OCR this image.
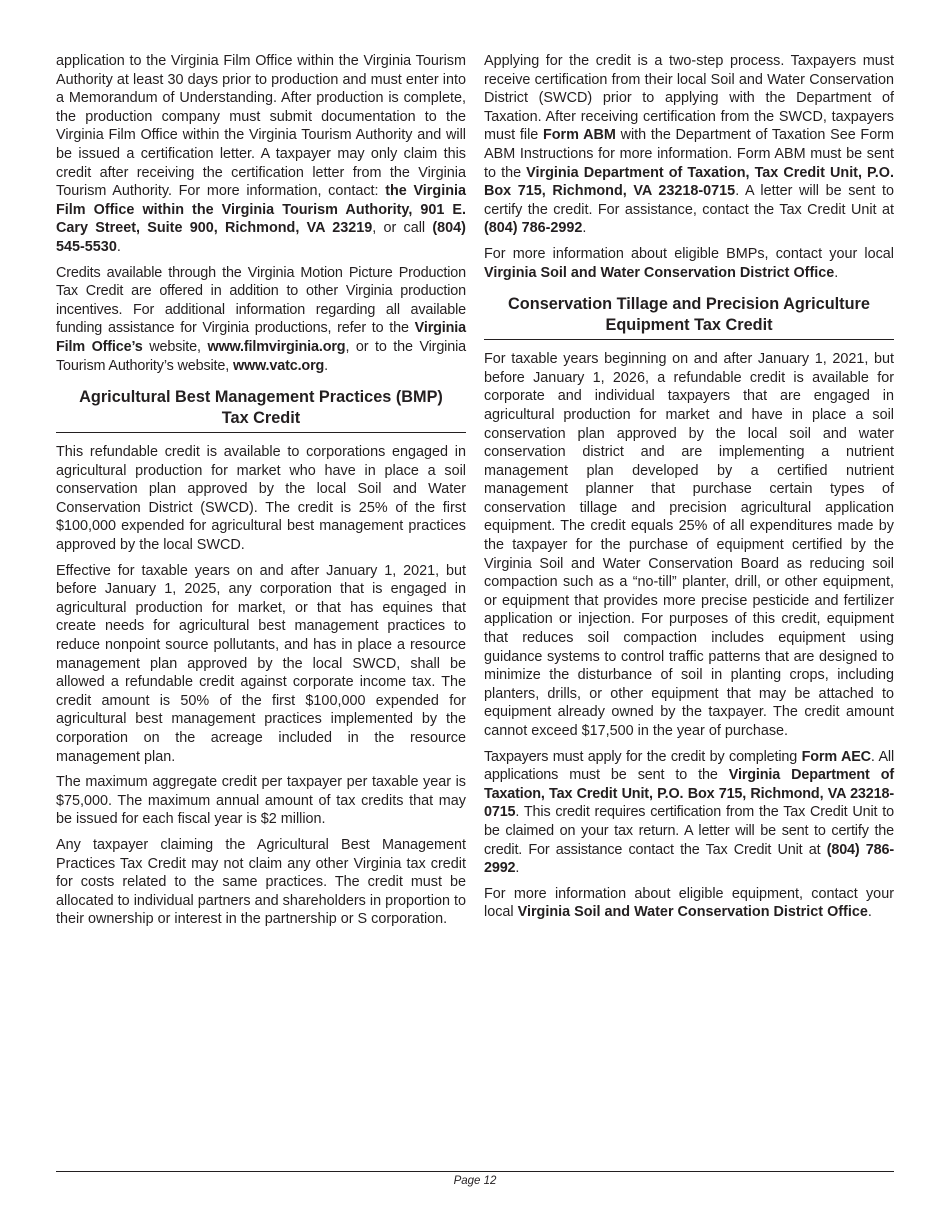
application to the Virginia Film Office within the Virginia Tourism Authority at least 30 days prior to production and must enter into a Memorandum of Understanding. After production is complete, the production company must submit documentation to the Virginia Film Office within the Virginia Tourism Authority and will be issued a certification letter. A taxpayer may only claim this credit after receiving the certification letter from the Virginia Tourism Authority. For more information, contact: the Virginia Film Office within the Virginia Tourism Authority, 901 E. Cary Street, Suite 900, Richmond, VA 23219, or call (804) 545-5530.

Credits available through the Virginia Motion Picture Production Tax Credit are offered in addition to other Virginia production incentives. For additional information regarding all available funding assistance for Virginia productions, refer to the Virginia Film Office’s website, www.filmvirginia.org, or to the Virginia Tourism Authority’s website, www.vatc.org.

Agricultural Best Management Practices (BMP)
Tax Credit

This refundable credit is available to corporations engaged in agricultural production for market who have in place a soil conservation plan approved by the local Soil and Water Conservation District (SWCD). The credit is 25% of the first $100,000 expended for agricultural best management practices approved by the local SWCD.

Effective for taxable years on and after January 1, 2021, but before January 1, 2025, any corporation that is engaged in agricultural production for market, or that has equines that create needs for agricultural best management practices to reduce nonpoint source pollutants, and has in place a resource management plan approved by the local SWCD, shall be allowed a refundable credit against corporate income tax. The credit amount is 50% of the first $100,000 expended for agricultural best management practices implemented by the corporation on the acreage included in the resource management plan.

The maximum aggregate credit per taxpayer per taxable year is $75,000. The maximum annual amount of tax credits that may be issued for each fiscal year is $2 million.

Any taxpayer claiming the Agricultural Best Management Practices Tax Credit may not claim any other Virginia tax credit for costs related to the same practices. The credit must be allocated to individual partners and shareholders in proportion to their ownership or interest in the partnership or S corporation.

Applying for the credit is a two-step process. Taxpayers must receive certification from their local Soil and Water Conservation District (SWCD) prior to applying with the Department of Taxation. After receiving certification from the SWCD, taxpayers must file Form ABM with the Department of Taxation See Form ABM Instructions for more information. Form ABM must be sent to the Virginia Department of Taxation, Tax Credit Unit, P.O. Box 715, Richmond, VA 23218-0715. A letter will be sent to certify the credit. For assistance, contact the Tax Credit Unit at (804) 786-2992.

For more information about eligible BMPs, contact your local Virginia Soil and Water Conservation District Office.

Conservation Tillage and Precision Agriculture
Equipment Tax Credit

For taxable years beginning on and after January 1, 2021, but before January 1, 2026, a refundable credit is available for corporate and individual taxpayers that are engaged in agricultural production for market and have in place a soil conservation plan approved by the local soil and water conservation district and are implementing a nutrient management plan developed by a certified nutrient management planner that purchase certain types of conservation tillage and precision agricultural application equipment. The credit equals 25% of all expenditures made by the taxpayer for the purchase of equipment certified by the Virginia Soil and Water Conservation Board as reducing soil compaction such as a “no-till” planter, drill, or other equipment, or equipment that provides more precise pesticide and fertilizer application or injection. For purposes of this credit, equipment that reduces soil compaction includes equipment using guidance systems to control traffic patterns that are designed to minimize the disturbance of soil in planting crops, including planters, drills, or other equipment that may be attached to equipment already owned by the taxpayer. The credit amount cannot exceed $17,500 in the year of purchase.

Taxpayers must apply for the credit by completing Form AEC. All applications must be sent to the Virginia Department of Taxation, Tax Credit Unit, P.O. Box 715, Richmond, VA 23218-0715. This credit requires certification from the Tax Credit Unit to be claimed on your tax return. A letter will be sent to certify the credit. For assistance contact the Tax Credit Unit at (804) 786-2992.

For more information about eligible equipment, contact your local Virginia Soil and Water Conservation District Office.

Page 12
